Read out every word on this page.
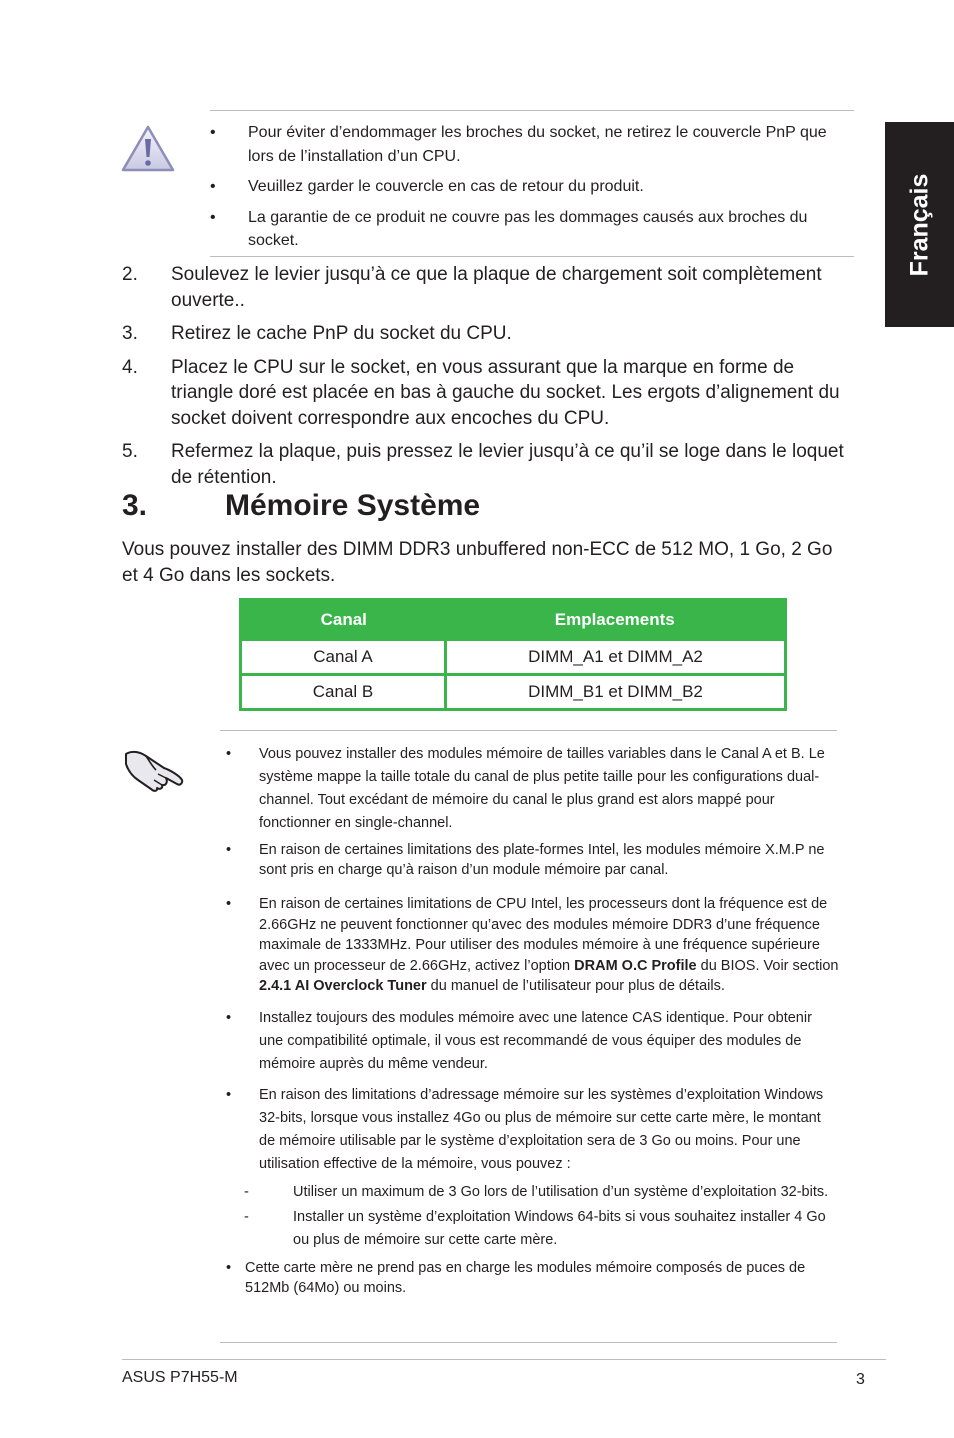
Français
• Pour éviter d’endommager les broches du socket, ne retirez le couvercle PnP que lors de l’installation d’un CPU.
• Veuillez garder le couvercle en cas de retour du produit.
• La garantie de ce produit ne couvre pas les dommages causés aux broches du socket.
2. Soulevez le levier jusqu’à ce que la plaque de chargement soit complètement ouverte..
3. Retirez le cache PnP du socket du CPU.
4. Placez le CPU sur le socket, en vous assurant que la marque en forme de triangle doré est placée en bas à gauche du socket. Les ergots d’alignement du socket doivent correspondre aux encoches du CPU.
5. Refermez la plaque, puis pressez le levier jusqu’à ce qu’il se loge dans le loquet de rétention.
3.	Mémoire Système
Vous pouvez installer des DIMM DDR3 unbuffered non-ECC de 512 MO, 1 Go, 2 Go et 4 Go dans les sockets.
Canal	Emplacements
Canal A	DIMM_A1 et DIMM_A2
Canal B	DIMM_B1 et DIMM_B2
• Vous pouvez installer des modules mémoire de tailles variables dans le Canal A et B. Le système mappe la taille totale du canal de plus petite taille pour les configurations dual-channel. Tout excédant de mémoire du canal le plus grand est alors mappé pour fonctionner en single-channel.
• En raison de certaines limitations des plate-formes Intel, les modules mémoire X.M.P ne sont pris en charge qu’à raison d’un module mémoire par canal.
• En raison de certaines limitations de CPU Intel, les processeurs dont la fréquence est de 2.66GHz ne peuvent fonctionner qu’avec des modules mémoire DDR3 d’une fréquence maximale de 1333MHz. Pour utiliser des modules mémoire à une fréquence supérieure avec un processeur de 2.66GHz, activez l’option DRAM O.C Profile du BIOS. Voir section 2.4.1 AI Overclock Tuner du manuel de l’utilisateur pour plus de détails.
• Installez toujours des modules mémoire avec une latence CAS identique. Pour obtenir une compatibilité optimale, il vous est recommandé de vous équiper des modules de mémoire auprès du même vendeur.
• En raison des limitations d’adressage mémoire sur les systèmes d’exploitation Windows 32-bits, lorsque vous installez 4Go ou plus de mémoire sur cette carte mère, le montant de mémoire utilisable par le système d’exploitation sera de 3 Go ou moins. Pour une utilisation effective de la mémoire, vous pouvez :
-	Utiliser un maximum de 3 Go lors de l’utilisation d’un système d’exploitation 32-bits.
-	Installer un système d’exploitation Windows 64-bits si vous souhaitez installer 4 Go ou plus de mémoire sur cette carte mère.
• Cette carte mère ne prend pas en charge les modules mémoire composés de puces de 512Mb (64Mo) ou moins.
ASUS P7H55-M	3
